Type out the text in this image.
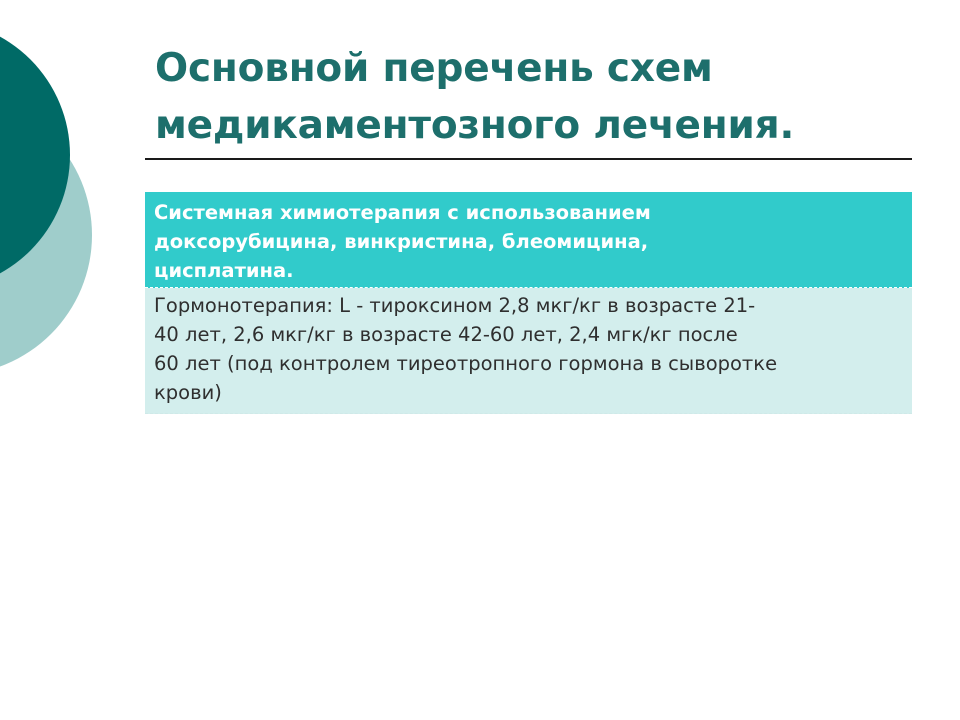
Основной перечень схем
медикаментозного лечения.
Системная химиотерапия с использованием
доксорубицина, винкристина, блеомицина,
цисплатина.
Гормонотерапия: L - тироксином 2,8 мкг/кг в возрасте 21-
40 лет, 2,6 мкг/кг в возрасте 42-60 лет, 2,4 мгк/кг после
60 лет (под контролем тиреотропного гормона в сыворотке
крови)
